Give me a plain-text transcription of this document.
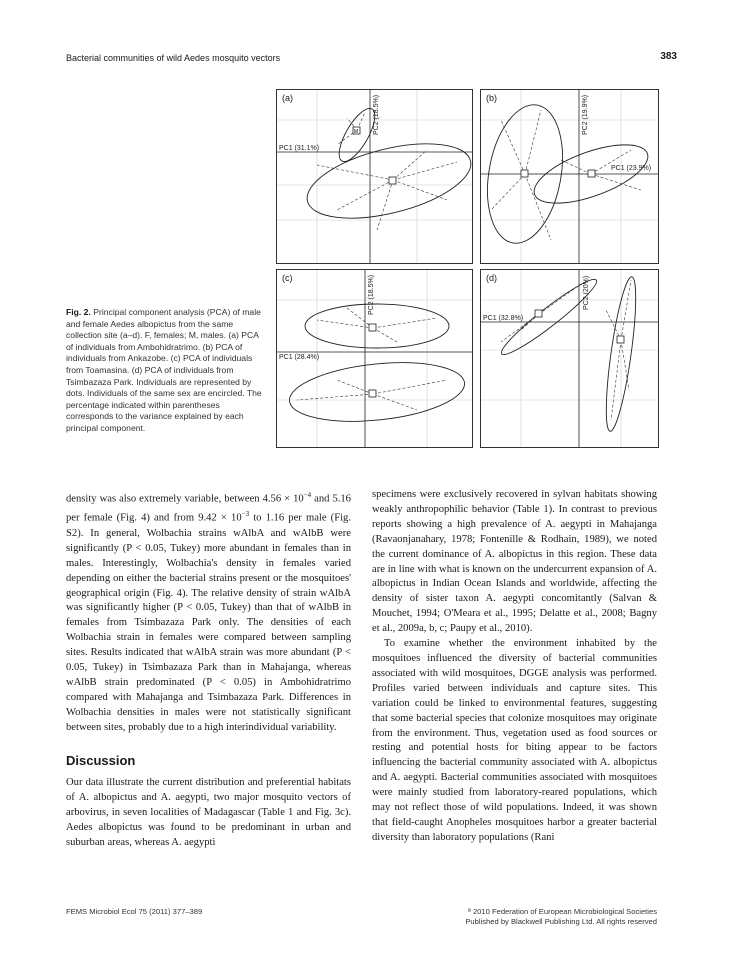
Bacterial communities of wild Aedes mosquito vectors	383
(a)
M
PC1 (31.1%)
PC2 (18.5%)	(b)
PC1 (23.9%)
PC2 (19.9%)
(c)
PC1 (28.4%)
PC2 (18.5%)	(d)
PC1 (32.8%)
PC2 (20%)
Fig. 2. Principal component analysis (PCA) of male and female Aedes albopictus from the same collection site (a–d). F, females; M, males. (a) PCA of individuals from Ambohidratrimo. (b) PCA of individuals from Ankazobe. (c) PCA of individuals from Toamasina. (d) PCA of individuals from Tsimbazaza Park. Individuals are represented by dots. Individuals of the same sex are encircled. The percentage indicated within parentheses corresponds to the variance explained by each principal component.

density was also extremely variable, between $4.56 \times 10^{-4}$ and 5.16 per female (Fig. 4) and from $9.42 \times 10^{-3}$ to 1.16 per male (Fig. S2). In general, Wolbachia strains wAlbA and wAlbB were significantly (P < 0.05, Tukey) more abundant in females than in males. Interestingly, Wolbachia's density in females varied depending on either the bacterial strains present or the mosquitoes' geographical origin (Fig. 4). The relative density of strain wAlbA was significantly higher (P < 0.05, Tukey) than that of wAlbB in females from Tsimbazaza Park only. The densities of each Wolbachia strain in females were compared between sampling sites. Results indicated that wAlbA strain was more abundant (P < 0.05, Tukey) in Tsimbazaza Park than in Mahajanga, whereas wAlbB strain predominated (P < 0.05) in Ambohidratrimo compared with Mahajanga and Tsimbazaza Park. Differences in Wolbachia densities in males were not statistically significant between sites, probably due to a high interindividual variability.

Discussion

Our data illustrate the current distribution and preferential habitats of A. albopictus and A. aegypti, two major mosquito vectors of arbovirus, in seven localities of Madagascar (Table 1 and Fig. 3c). Aedes albopictus was found to be predominant in urban and suburban areas, whereas A. aegypti

specimens were exclusively recovered in sylvan habitats showing weakly anthropophilic behavior (Table 1). In contrast to previous reports showing a high prevalence of A. aegypti in Mahajanga (Ravaonjanahary, 1978; Fontenille & Rodhain, 1989), we noted the current dominance of A. albopictus in this region. These data are in line with what is known on the undercurrent expansion of A. albopictus in Indian Ocean Islands and worldwide, affecting the density of sister taxon A. aegypti concomitantly (Salvan & Mouchet, 1994; O'Meara et al., 1995; Delatte et al., 2008; Bagny et al., 2009a, b, c; Paupy et al., 2010).

To examine whether the environment inhabited by the mosquitoes influenced the diversity of bacterial communities associated with wild mosquitoes, DGGE analysis was performed. Profiles varied between individuals and capture sites. This variation could be linked to environmental features, suggesting that some bacterial species that colonize mosquitoes may originate from the environment. Thus, vegetation used as food sources or resting and potential hosts for biting appear to be factors influencing the bacterial community associated with A. albopictus and A. aegypti. Bacterial communities associated with mosquitoes were mainly studied from laboratory-reared populations, which may not reflect those of wild populations. Indeed, it was shown that field-caught Anopheles mosquitoes harbor a greater bacterial diversity than laboratory populations (Rani

FEMS Microbiol Ecol 75 (2011) 377–389	ª 2010 Federation of European Microbiological Societies
Published by Blackwell Publishing Ltd. All rights reserved
